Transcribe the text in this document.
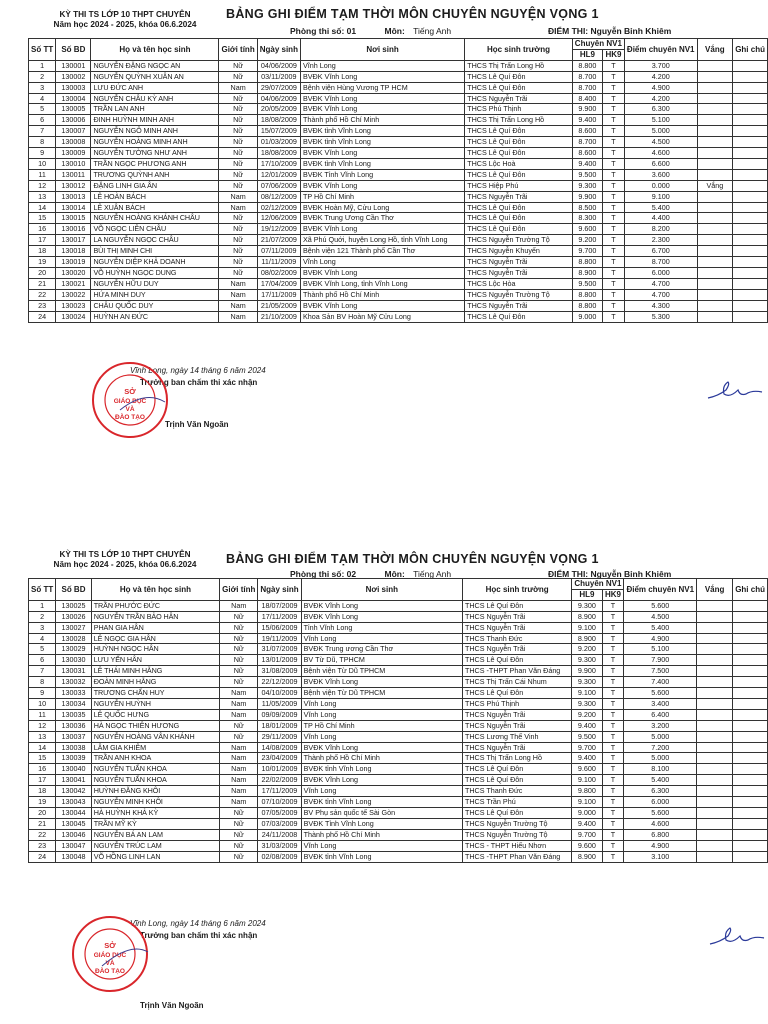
KỲ THI TS LỚP 10 THPT CHUYÊN
Năm học 2024 - 2025, khóa 06.6.2024
BẢNG GHI ĐIỂM TẠM THỜI MÔN CHUYÊN NGUYỆN VỌNG 1
Phòng thi số: 01	Môn: Tiếng Anh	ĐIỂM THI: Nguyễn Bỉnh Khiêm
Số TT	Số BD	Họ và tên học sinh	Giới tính	Ngày sinh	Nơi sinh	Học sinh trường	Chuyên NV1		Điểm chuyên NV1	Vắng	Ghi chú
							HL9	HK9			
1	130001	NGUYỄN ĐẶNG NGỌC AN	Nữ	04/06/2009	Vĩnh Long	THCS Thị Trấn Long Hồ	8.800	T	3.700		
2	130002	NGUYỄN QUỲNH XUÂN AN	Nữ	03/11/2009	BVĐK Vĩnh Long	THCS Lê Quí Đôn	8.700	T	4.200		
3	130003	LƯU ĐỨC ANH	Nam	29/07/2009	Bệnh viện Hùng Vương TP HCM	THCS Lê Quí Đôn	8.700	T	4.900		
4	130004	NGUYỄN CHÂU KỲ ANH	Nữ	04/06/2009	BVĐK Vĩnh Long	THCS Nguyễn Trãi	8.400	T	4.200		
5	130005	TRẦN LAN ANH	Nữ	20/05/2009	BVĐK Vĩnh Long	THCS Phú Thịnh	9.900	T	6.300		
6	130006	ĐINH HUỲNH MINH ANH	Nữ	18/08/2009	Thành phố Hồ Chí Minh	THCS Thị Trấn Long Hồ	9.400	T	5.100		
7	130007	NGUYỄN NGÔ MINH ANH	Nữ	15/07/2009	BVĐK tỉnh Vĩnh Long	THCS Lê Quí Đôn	8.600	T	5.000		
8	130008	NGUYỄN HOÀNG MINH ANH	Nữ	01/03/2009	BVĐK tỉnh Vĩnh Long	THCS Lê Quí Đôn	8.700	T	4.500		
9	130009	NGUYỄN TƯỜNG NHƯ ANH	Nữ	18/08/2009	BVĐK Vĩnh Long	THCS Lê Quí Đôn	8.600	T	4.600		
10	130010	TRẦN NGỌC PHƯƠNG ANH	Nữ	17/10/2009	BVĐK tỉnh Vĩnh Long	THCS Lộc Hoà	9.400	T	6.600		
11	130011	TRƯƠNG QUỲNH ANH	Nữ	12/01/2009	BVĐK Tỉnh Vĩnh Long	THCS Lê Quí Đôn	9.500	T	3.600		
12	130012	ĐẶNG LINH GIA ÂN	Nữ	07/06/2009	BVĐK Vĩnh Long	THCS Hiệp Phú	9.300	T	0.000	Vắng	
13	130013	LÊ HOÀN BÁCH	Nam	08/12/2009	TP Hồ Chí Minh	THCS Nguyễn Trãi	9.900	T	9.100		
14	130014	LÊ XUÂN BÁCH	Nam	02/12/2009	BVĐK Hoàn Mỹ, Cửu Long	THCS Lê Quí Đôn	8.500	T	5.400		
15	130015	NGUYỄN HOÀNG KHÁNH CHÂU	Nữ	12/06/2009	BVĐK Trung Ương Cần Thơ	THCS Lê Quí Đôn	8.300	T	4.400		
16	130016	VÕ NGỌC LIÊN CHÂU	Nữ	19/12/2009	BVĐK Vĩnh Long	THCS Lê Quí Đôn	9.600	T	8.200		
17	130017	LA NGUYỄN NGỌC CHÂU	Nữ	21/07/2009	Xã Phú Quới, huyện Long Hồ, tỉnh Vĩnh Long	THCS Nguyễn Trường Tộ	9.200	T	2.300		
18	130018	BÙI THỊ MINH CHI	Nữ	07/11/2009	Bệnh viện 121 Thành phố Cần Thơ	THCS Nguyễn Khuyến	9.700	T	6.700		
19	130019	NGUYỄN DIỆP KHẢ DOANH	Nữ	11/11/2009	Vĩnh Long	THCS Nguyễn Trãi	8.800	T	8.700		
20	130020	VÕ HUỲNH NGỌC DUNG	Nữ	08/02/2009	BVĐK Vĩnh Long	THCS Nguyễn Trãi	8.900	T	6.000		
21	130021	NGUYỄN HỮU DUY	Nam	17/04/2009	BVĐK Vĩnh Long, tỉnh Vĩnh Long	THCS Lộc Hòa	9.500	T	4.700		
22	130022	HỨA MINH DUY	Nam	17/11/2009	Thành phố Hồ Chí Minh	THCS Nguyễn Trường Tộ	8.800	T	4.700		
23	130023	CHÂU QUỐC DUY	Nam	21/05/2009	BVĐK Vĩnh Long	THCS Nguyễn Trãi	8.800	T	4.300		
24	130024	HUỲNH AN ĐỨC	Nam	21/10/2009	Khoa Sản BV Hoàn Mỹ Cửu Long	THCS Lê Quí Đôn	9.000	T	5.300		
Vĩnh Long, ngày 14 tháng 6 năm 2024
Trưởng ban chấm thi xác nhận
SỞ
GIÁO DỤC
VÀ
ĐÀO TẠO
Trịnh Văn Ngoãn
KỲ THI TS LỚP 10 THPT CHUYÊN
Năm học 2024 - 2025, khóa 06.6.2024	BẢNG GHI ĐIỂM TẠM THỜI MÔN CHUYÊN NGUYỆN VỌNG 1
Phòng thi số: 02	Môn: Tiếng Anh	ĐIỂM THI: Nguyễn Bỉnh Khiêm
Số TT	Số BD	Họ và tên học sinh	Giới tính	Ngày sinh	Nơi sinh	Học sinh trường	Chuyên NV1		Điểm chuyên NV1	Vắng	Ghi chú
							HL9	HK9			
1	130025	TRẦN PHƯỚC ĐỨC	Nam	18/07/2009	BVĐK Vĩnh Long	THCS Lê Quí Đôn	9.300	T	5.600		
2	130026	NGUYỄN TRẦN BẢO HÂN	Nữ	17/11/2009	BVĐK Vĩnh Long	THCS Nguyễn Trãi	8.900	T	4.500		
3	130027	PHAN GIA HÂN	Nữ	15/06/2009	Tỉnh Vĩnh Long	THCS Nguyễn Trãi	9.100	T	5.400		
4	130028	LÊ NGỌC GIA HÂN	Nữ	19/11/2009	Vĩnh Long	THCS Thanh Đức	8.900	T	4.900		
5	130029	HUỲNH NGỌC HÂN	Nữ	31/07/2009	BVĐK Trung ương Cần Thơ	THCS Nguyễn Trãi	9.200	T	5.100		
6	130030	LƯU YẾN HÂN	Nữ	13/01/2009	BV Từ Dũ, TPHCM	THCS Lê Quí Đôn	9.300	T	7.900		
7	130031	LÊ THÁI MINH HẰNG	Nữ	31/08/2009	Bệnh viện Từ Dũ TPHCM	THCS -THPT Phan Văn Đáng	9.900	T	7.500		
8	130032	ĐOÀN MINH HẰNG	Nữ	22/12/2009	BVĐK Vĩnh Long	THCS Thị Trấn Cái Nhum	9.300	T	7.400		
9	130033	TRƯƠNG CHẤN HUY	Nam	04/10/2009	Bệnh viện Từ Dũ TPHCM	THCS Lê Quí Đôn	9.100	T	5.600		
10	130034	NGUYỄN HUỲNH	Nam	11/05/2009	Vĩnh Long	THCS Phú Thịnh	9.300	T	3.400		
11	130035	LÊ QUỐC HƯNG	Nam	09/09/2009	Vĩnh Long	THCS Nguyễn Trãi	9.200	T	6.400		
12	130036	HÀ NGỌC THIÊN HƯƠNG	Nữ	18/01/2009	TP Hồ Chí Minh	THCS Nguyễn Trãi	9.400	T	3.200		
13	130037	NGUYỄN HOÀNG VÂN KHÁNH	Nữ	29/11/2009	Vĩnh Long	THCS Lương Thế Vinh	9.500	T	5.000		
14	130038	LÂM GIA KHIÊM	Nam	14/08/2009	BVĐK Vĩnh Long	THCS Nguyễn Trãi	9.700	T	7.200		
15	130039	TRẦN ANH KHOA	Nam	23/04/2009	Thành phố Hồ Chí Minh	THCS Thị Trấn Long Hồ	9.400	T	5.000		
16	130040	NGUYỄN TUẤN KHOA	Nam	10/01/2009	BVĐK tỉnh Vĩnh Long	THCS Lê Quí Đôn	9.600	T	8.100		
17	130041	NGUYỄN TUẤN KHOA	Nam	22/02/2009	BVĐK Vĩnh Long	THCS Lê Quí Đôn	9.100	T	5.400		
18	130042	HUỲNH ĐĂNG KHÔI	Nam	17/11/2009	Vĩnh Long	THCS Thanh Đức	9.800	T	6.300		
19	130043	NGUYỄN MINH KHÔI	Nam	07/10/2009	BVĐK tỉnh Vĩnh Long	THCS Trần Phú	9.100	T	6.000		
20	130044	HÀ HUỲNH KHẢ KỲ	Nữ	07/05/2009	BV Phụ sản quốc tế Sài Gòn	THCS Lê Quí Đôn	9.000	T	5.600		
21	130045	TRẦN MỸ KỲ	Nữ	07/03/2009	BVĐK Tỉnh Vĩnh Long	THCS Nguyễn Trường Tộ	9.400	T	4.600		
22	130046	NGUYỄN BÁ AN LAM	Nữ	24/11/2008	Thành phố Hồ Chí Minh	THCS Nguyễn Trường Tộ	9.700	T	6.800		
23	130047	NGUYỄN TRÚC LAM	Nữ	31/03/2009	Vĩnh Long	THCS - THPT Hiếu Nhơn	9.600	T	4.900		
24	130048	VÕ HỒNG LINH LAN	Nữ	02/08/2009	BVĐK tỉnh Vĩnh Long	THCS -THPT Phan Văn Đáng	8.900	T	3.100		
Vĩnh Long, ngày 14 tháng 6 năm 2024
Trưởng ban chấm thi xác nhận
SỞ
GIÁO DỤC
VÀ
ĐÀO TẠO
Trịnh Văn Ngoãn
